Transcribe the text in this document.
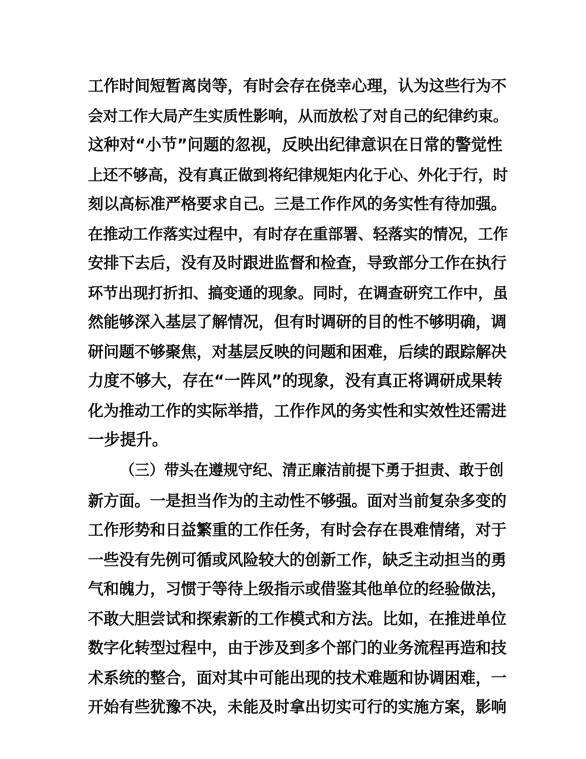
工作时间短暂离岗等，有时会存在侥幸心理，认为这些行为不
会对工作大局产生实质性影响，从而放松了对自己的纪律约束。
这种对“小节”问题的忽视，反映出纪律意识在日常的警觉性
上还不够高，没有真正做到将纪律规矩内化于心、外化于行，时
刻以高标准严格要求自己。三是工作作风的务实性有待加强。
在推动工作落实过程中，有时存在重部署、轻落实的情况，工作
安排下去后，没有及时跟进监督和检查，导致部分工作在执行
环节出现打折扣、搞变通的现象。同时，在调查研究工作中，虽
然能够深入基层了解情况，但有时调研的目的性不够明确，调
研问题不够聚焦，对基层反映的问题和困难，后续的跟踪解决
力度不够大，存在“一阵风”的现象，没有真正将调研成果转
化为推动工作的实际举措，工作作风的务实性和实效性还需进
一步提升。
（三）带头在遵规守纪、清正廉洁前提下勇于担责、敢于创
新方面。一是担当作为的主动性不够强。面对当前复杂多变的
工作形势和日益繁重的工作任务，有时会存在畏难情绪，对于
一些没有先例可循或风险较大的创新工作，缺乏主动担当的勇
气和魄力，习惯于等待上级指示或借鉴其他单位的经验做法，
不敢大胆尝试和探索新的工作模式和方法。比如，在推进单位
数字化转型过程中，由于涉及到多个部门的业务流程再造和技
术系统的整合，面对其中可能出现的技术难题和协调困难，一
开始有些犹豫不决，未能及时拿出切实可行的实施方案，影响
